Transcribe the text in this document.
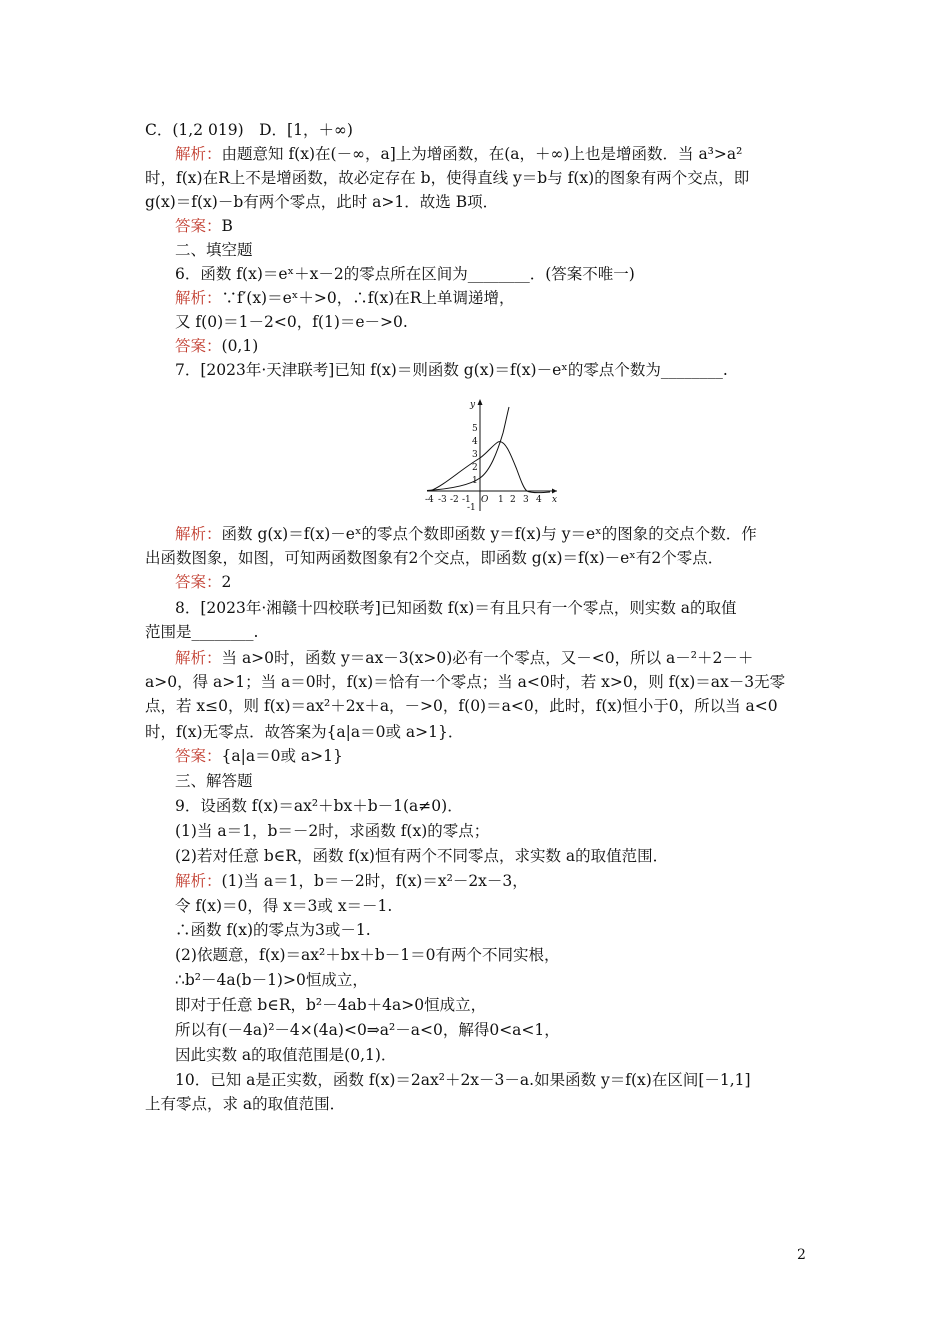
C．(1,2 019)　D．[1，＋∞)
解析：由题意知 f(x)在(－∞，a]上为增函数，在(a，＋∞)上也是增函数．当 a³>a²
时，f(x)在R上不是增函数，故必定存在 b，使得直线 y＝b与 f(x)的图象有两个交点，即
g(x)＝f(x)－b有两个零点，此时 a>1．故选 B项．
答案：B
二、填空题
6．函数 f(x)＝eˣ＋x－2的零点所在区间为________．(答案不唯一)
解析：∵f′(x)＝eˣ＋>0，∴f(x)在R上单调递增，
又 f(0)＝1－2<0，f(1)＝e－>0.
答案：(0,1)
7．[2023年·天津联考]已知 f(x)＝则函数 g(x)＝f(x)－eˣ的零点个数为________.
解析：函数 g(x)＝f(x)－eˣ的零点个数即函数 y＝f(x)与 y＝eˣ的图象的交点个数．作
出函数图象，如图，可知两函数图象有2个交点，即函数 g(x)＝f(x)－eˣ有2个零点．
答案：2
8．[2023年·湘赣十四校联考]已知函数 f(x)＝有且只有一个零点，则实数 a的取值
范围是________.
解析：当 a>0时，函数 y＝ax－3(x>0)必有一个零点，又－<0，所以 a－²＋2－＋
a>0，得 a>1；当 a＝0时，f(x)＝恰有一个零点；当 a<0时，若 x>0，则 f(x)＝ax－3无零
点，若 x≤0，则 f(x)＝ax²＋2x＋a，－>0，f(0)＝a<0，此时，f(x)恒小于0，所以当 a<0
时，f(x)无零点．故答案为{a|a＝0或 a>1}．
答案：{a|a＝0或 a>1}
三、解答题
9．设函数 f(x)＝ax²＋bx＋b－1(a≠0)．
(1)当 a＝1，b＝－2时，求函数 f(x)的零点；
(2)若对任意 b∈R，函数 f(x)恒有两个不同零点，求实数 a的取值范围．
解析：(1)当 a＝1，b＝－2时，f(x)＝x²－2x－3，
令 f(x)＝0，得 x＝3或 x＝－1.
∴函数 f(x)的零点为3或－1.
(2)依题意，f(x)＝ax²＋bx＋b－1＝0有两个不同实根，
∴b²－4a(b－1)>0恒成立，
即对于任意 b∈R，b²－4ab＋4a>0恒成立，
所以有(－4a)²－4×(4a)<0⇒a²－a<0，解得0<a<1，
因此实数 a的取值范围是(0,1)．
10．已知 a是正实数，函数 f(x)＝2ax²＋2x－3－a.如果函数 y＝f(x)在区间[－1,1]
上有零点，求 a的取值范围．
y
x
O
5
4
3
2
1
-1
-4 -3 -2 -1	1 2 3 4
2
